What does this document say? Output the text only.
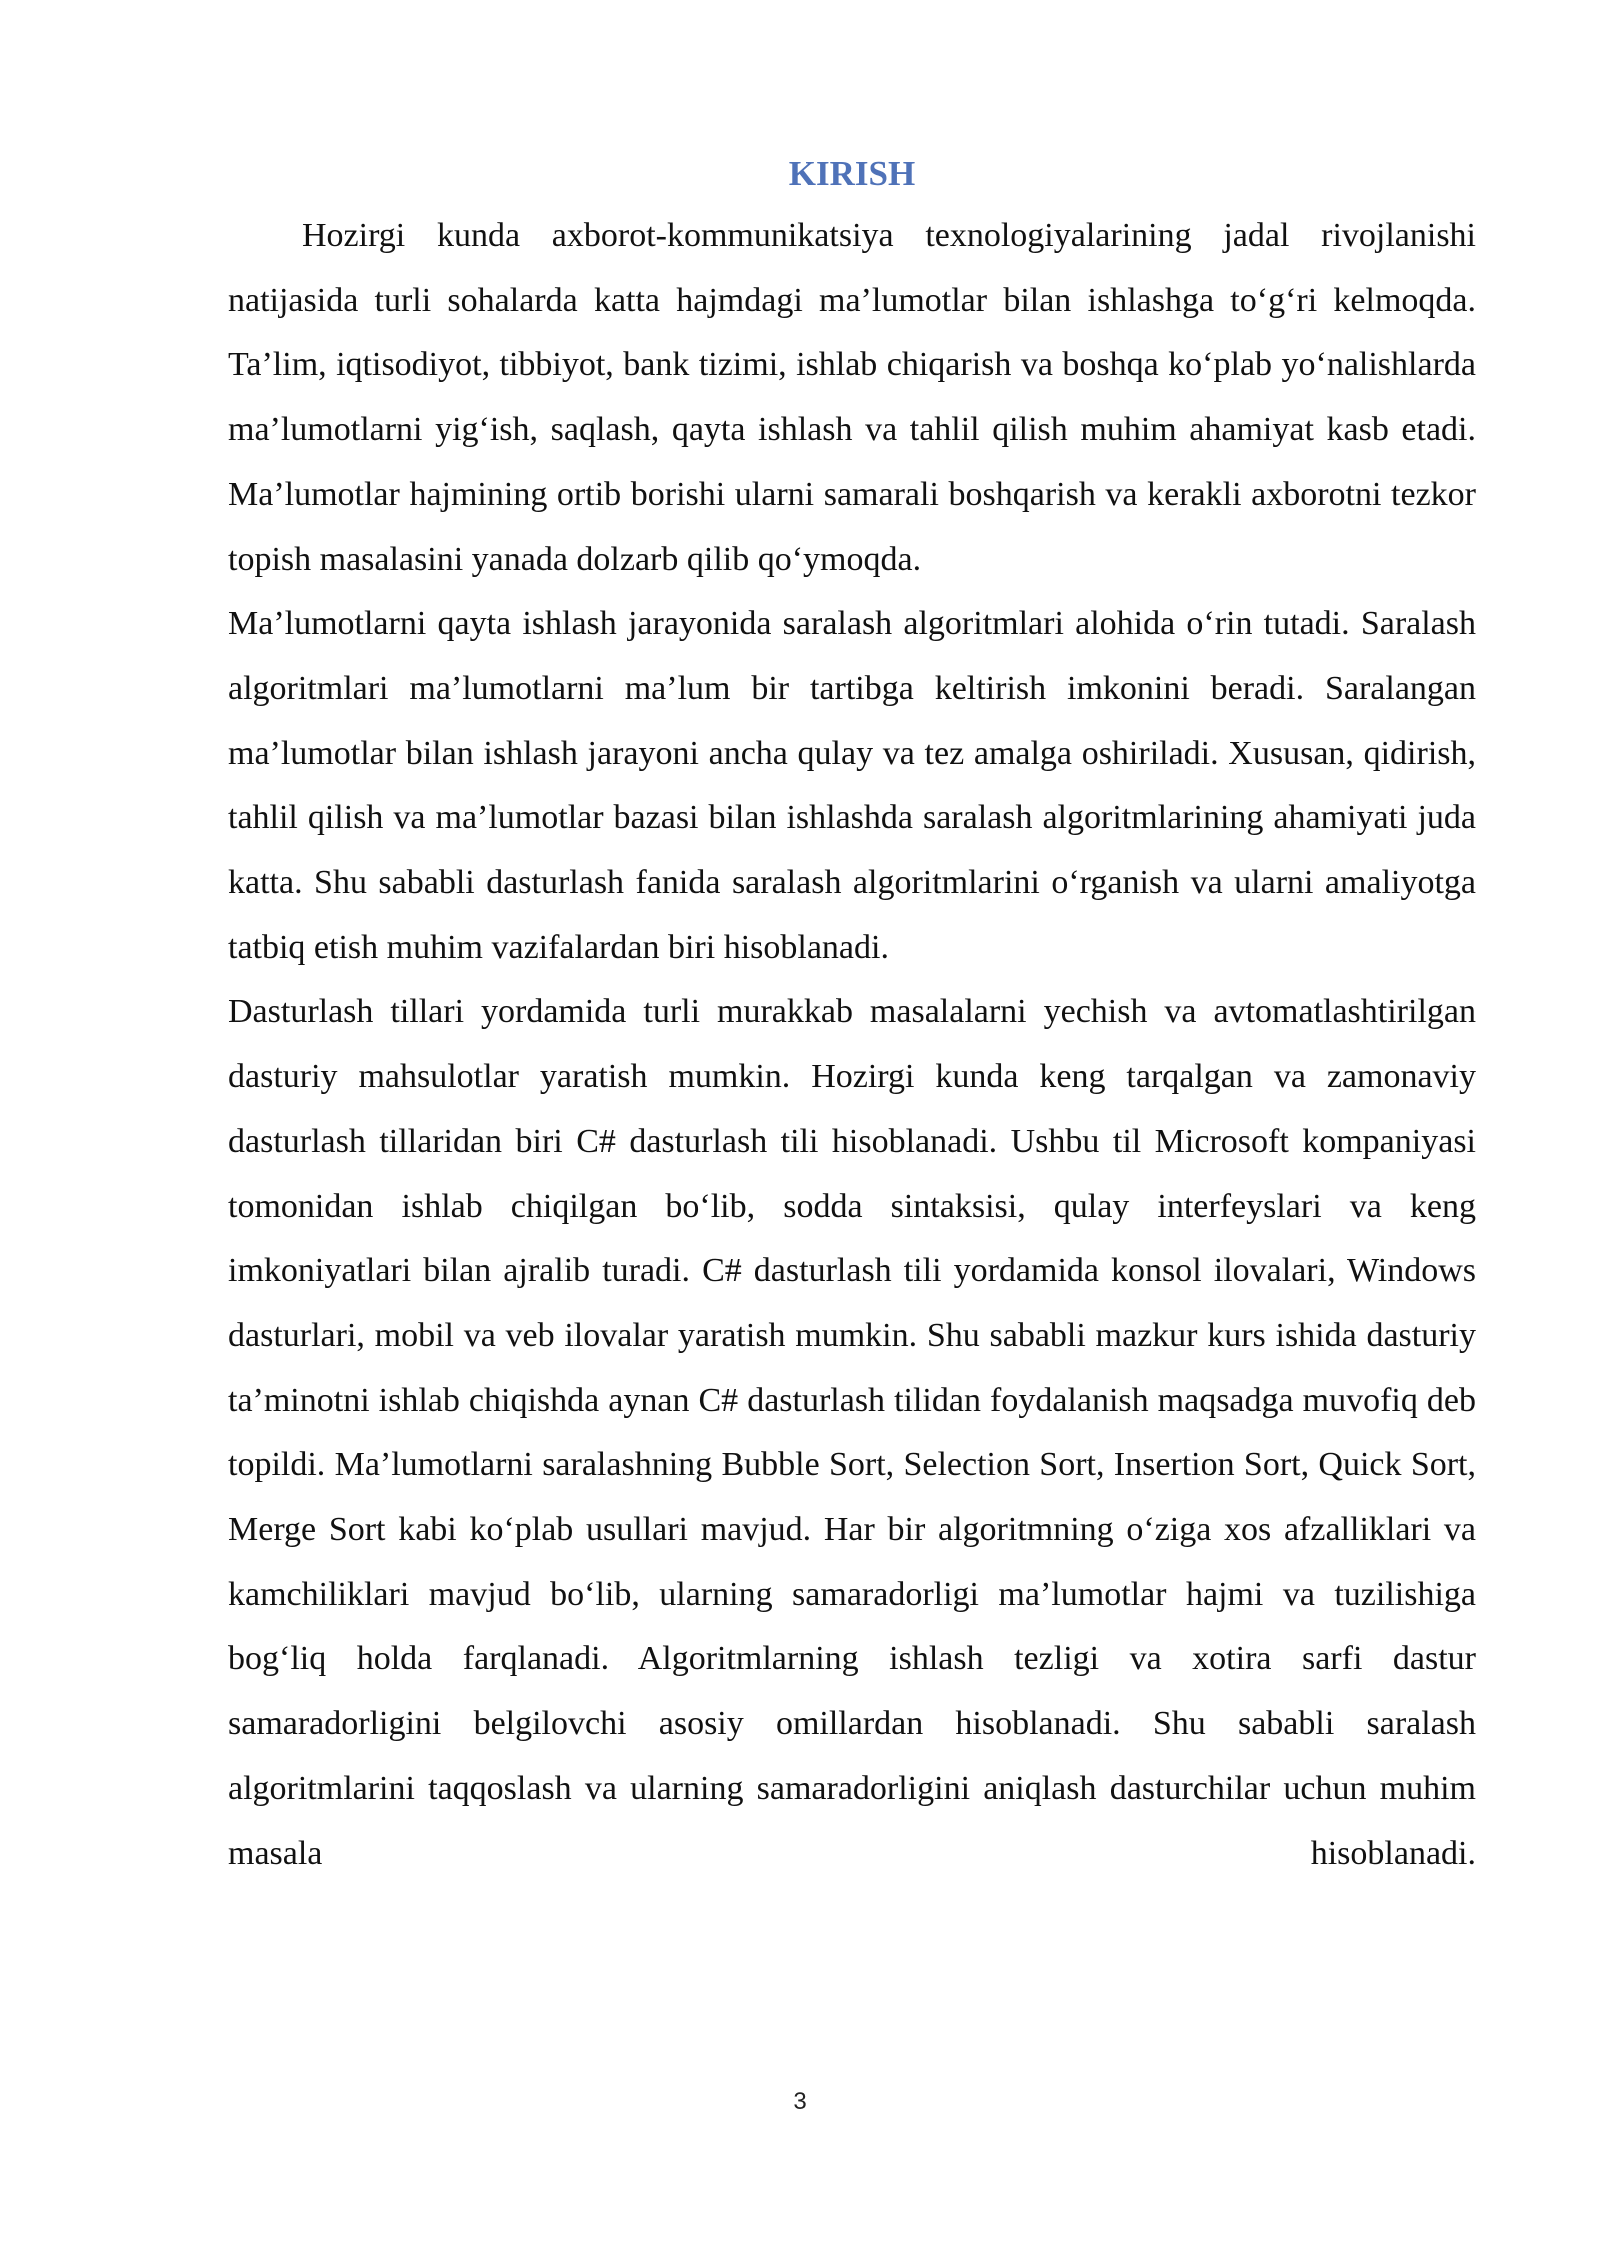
KIRISH

Hozirgi kunda axborot-kommunikatsiya texnologiyalarining jadal rivojlanishi natijasida turli sohalarda katta hajmdagi ma’lumotlar bilan ishlashga to‘g‘ri kelmoqda. Ta’lim, iqtisodiyot, tibbiyot, bank tizimi, ishlab chiqarish va boshqa ko‘plab yo‘nalishlarda ma’lumotlarni yig‘ish, saqlash, qayta ishlash va tahlil qilish muhim ahamiyat kasb etadi. Ma’lumotlar hajmining ortib borishi ularni samarali boshqarish va kerakli axborotni tezkor topish masalasini yanada dolzarb qilib qo‘ymoqda.

Ma’lumotlarni qayta ishlash jarayonida saralash algoritmlari alohida o‘rin tutadi. Saralash algoritmlari ma’lumotlarni ma’lum bir tartibga keltirish imkonini beradi. Saralangan ma’lumotlar bilan ishlash jarayoni ancha qulay va tez amalga oshiriladi. Xususan, qidirish, tahlil qilish va ma’lumotlar bazasi bilan ishlashda saralash algoritmlarining ahamiyati juda katta. Shu sababli dasturlash fanida saralash algoritmlarini o‘rganish va ularni amaliyotga tatbiq etish muhim vazifalardan biri hisoblanadi.

Dasturlash tillari yordamida turli murakkab masalalarni yechish va avtomatlashtirilgan dasturiy mahsulotlar yaratish mumkin. Hozirgi kunda keng tarqalgan va zamonaviy dasturlash tillaridan biri C# dasturlash tili hisoblanadi. Ushbu til Microsoft kompaniyasi tomonidan ishlab chiqilgan bo‘lib, sodda sintaksisi, qulay interfeyslari va keng imkoniyatlari bilan ajralib turadi. C# dasturlash tili yordamida konsol ilovalari, Windows dasturlari, mobil va veb ilovalar yaratish mumkin. Shu sababli mazkur kurs ishida dasturiy ta’minotni ishlab chiqishda aynan C# dasturlash tilidan foydalanish maqsadga muvofiq deb topildi. Ma’lumotlarni saralashning Bubble Sort, Selection Sort, Insertion Sort, Quick Sort, Merge Sort kabi ko‘plab usullari mavjud. Har bir algoritmning o‘ziga xos afzalliklari va kamchiliklari mavjud bo‘lib, ularning samaradorligi ma’lumotlar hajmi va tuzilishiga bog‘liq holda farqlanadi. Algoritmlarning ishlash tezligi va xotira sarfi dastur samaradorligini belgilovchi asosiy omillardan hisoblanadi. Shu sababli saralash algoritmlarini taqqoslash va ularning samaradorligini aniqlash dasturchilar uchun muhim masala hisoblanadi.

3
